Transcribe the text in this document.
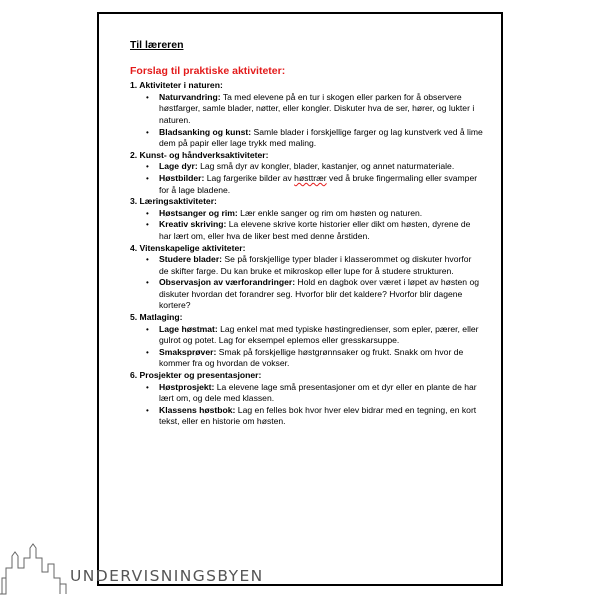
Til læreren
Forslag til praktiske aktiviteter:
1. Aktiviteter i naturen:
• Naturvandring: Ta med elevene på en tur i skogen eller parken for å observere høstfarger, samle blader, nøtter, eller kongler. Diskuter hva de ser, hører, og lukter i naturen.
• Bladsanking og kunst: Samle blader i forskjellige farger og lag kunstverk ved å lime dem på papir eller lage trykk med maling.
2. Kunst- og håndverksaktiviteter:
• Lage dyr: Lag små dyr av kongler, blader, kastanjer, og annet naturmateriale.
• Høstbilder: Lag fargerike bilder av høsttrær ved å bruke fingermaling eller svamper for å lage bladene.
3. Læringsaktiviteter:
• Høstsanger og rim: Lær enkle sanger og rim om høsten og naturen.
• Kreativ skriving: La elevene skrive korte historier eller dikt om høsten, dyrene de har lært om, eller hva de liker best med denne årstiden.
4. Vitenskapelige aktiviteter:
• Studere blader: Se på forskjellige typer blader i klasserommet og diskuter hvorfor de skifter farge. Du kan bruke et mikroskop eller lupe for å studere strukturen.
• Observasjon av værforandringer: Hold en dagbok over været i løpet av høsten og diskuter hvordan det forandrer seg. Hvorfor blir det kaldere? Hvorfor blir dagene kortere?
5. Matlaging:
• Lage høstmat: Lag enkel mat med typiske høstingredienser, som epler, pærer, eller gulrot og potet. Lag for eksempel eplemos eller gresskarsuppe.
• Smaksprøver: Smak på forskjellige høstgrønnsaker og frukt. Snakk om hvor de kommer fra og hvordan de vokser.
6. Prosjekter og presentasjoner:
• Høstprosjekt: La elevene lage små presentasjoner om et dyr eller en plante de har lært om, og dele med klassen.
• Klassens høstbok: Lag en felles bok hvor hver elev bidrar med en tegning, en kort tekst, eller en historie om høsten.
UNDERVISNINGSBYEN
